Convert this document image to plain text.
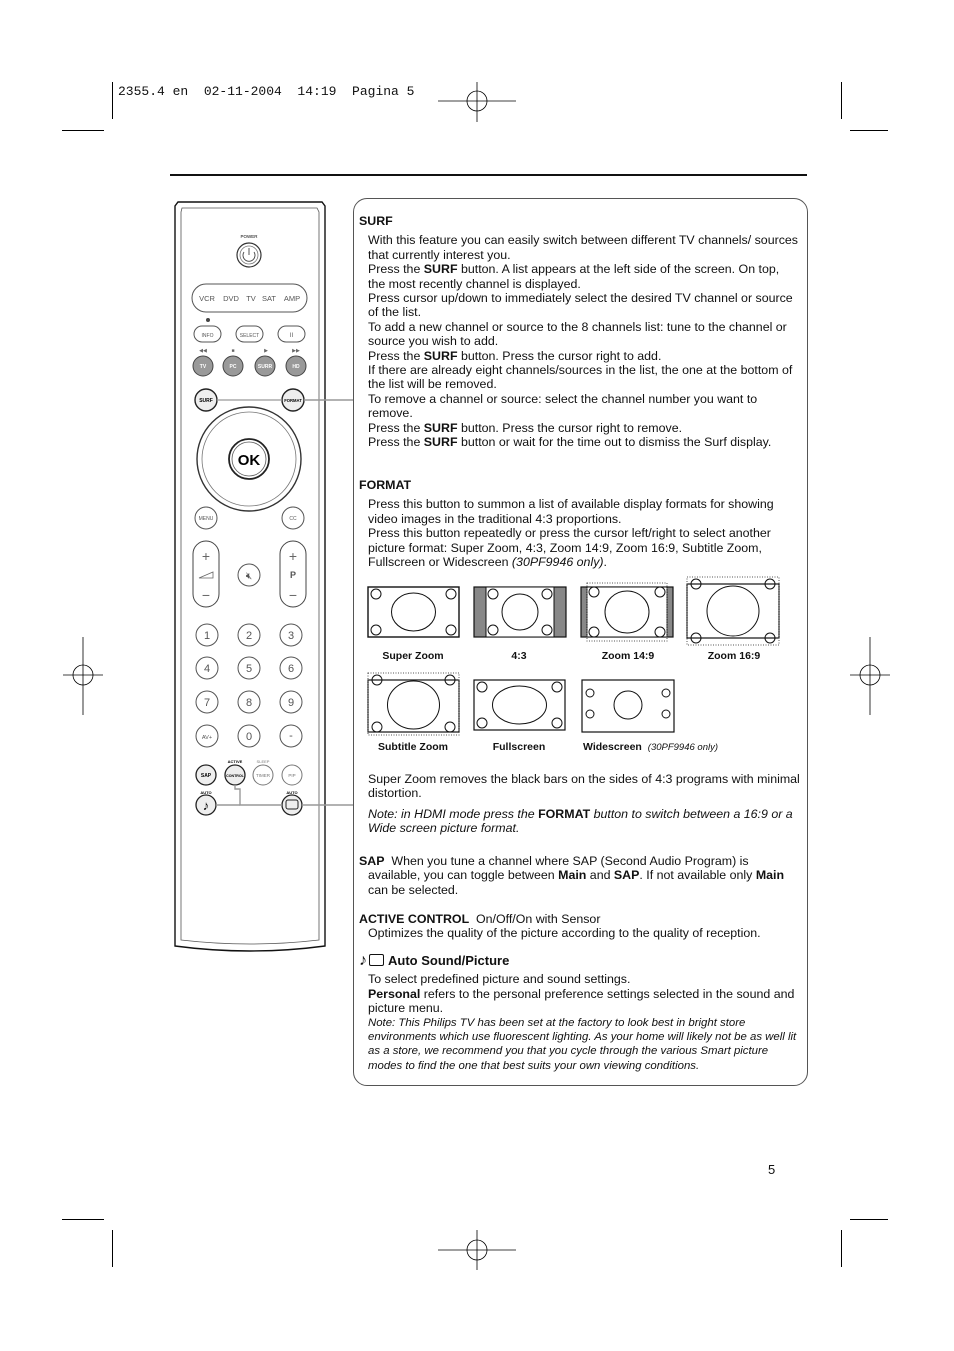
2355.4 en  02-11-2004  14:19  Pagina 5
POWER
VCR DVD TV SAT AMP
INFO	SELECT	II
◀◀	■	▶	▶▶
TV	PC	SURR	HD
SURF	FORMAT
OK
MENU	CC
+
−
🔇︎
+
P
−
1	2	3
4	5	6
7	8	9
AV+	0	-
ACTIVE	SLEEP
SAP	CONTROL	TIMER	PIP
AUTO	AUTO
♪

SURF

With this feature you can easily switch between different TV channels/ sources that currently interest you.

Press the SURF button. A list appears at the left side of the screen. On top, the most recently channel is displayed.

Press cursor up/down to immediately select the desired TV channel or source of the list.

To add a new channel or source to the 8 channels list: tune to the channel or source you wish to add.

Press the SURF button. Press the cursor right to add.

If there are already eight channels/sources in the list, the one at the bottom of the list will be removed.

To remove a channel or source: select the channel number you want to remove.

Press the SURF button. Press the cursor right to remove.

Press the SURF button or wait for the time out to dismiss the Surf display.

FORMAT

Press this button to summon a list of available display formats for showing video images in the traditional 4:3 proportions.

Press this button repeatedly or press the cursor left/right to select another picture format: Super Zoom, 4:3, Zoom 14:9, Zoom 16:9, Subtitle Zoom, Fullscreen or Widescreen (30PF9946 only).

Super Zoom	4:3	Zoom 14:9	Zoom 16:9
Subtitle Zoom	Fullscreen	Widescreen (30PF9946 only)
Super Zoom removes the black bars on the sides of 4:3 programs with minimal distortion.
Note: in HDMI mode press the FORMAT button to switch between a 16:9 or a Wide screen picture format.

SAP When you tune a channel where SAP (Second Audio Program) is available, you can toggle between Main and SAP. If not available only Main can be selected.

ACTIVE CONTROL On/Off/On with Sensor

Optimizes the quality of the picture according to the quality of reception.

♪ Auto Sound/Picture

To select predefined picture and sound settings.

Personal refers to the personal preference settings selected in the sound and picture menu.

Note: This Philips TV has been set at the factory to look best in bright store environments which use fluorescent lighting. As your home will likely not be as well lit as a store, we recommend you that you cycle through the various Smart picture modes to find the one that best suits your own viewing conditions.

5
